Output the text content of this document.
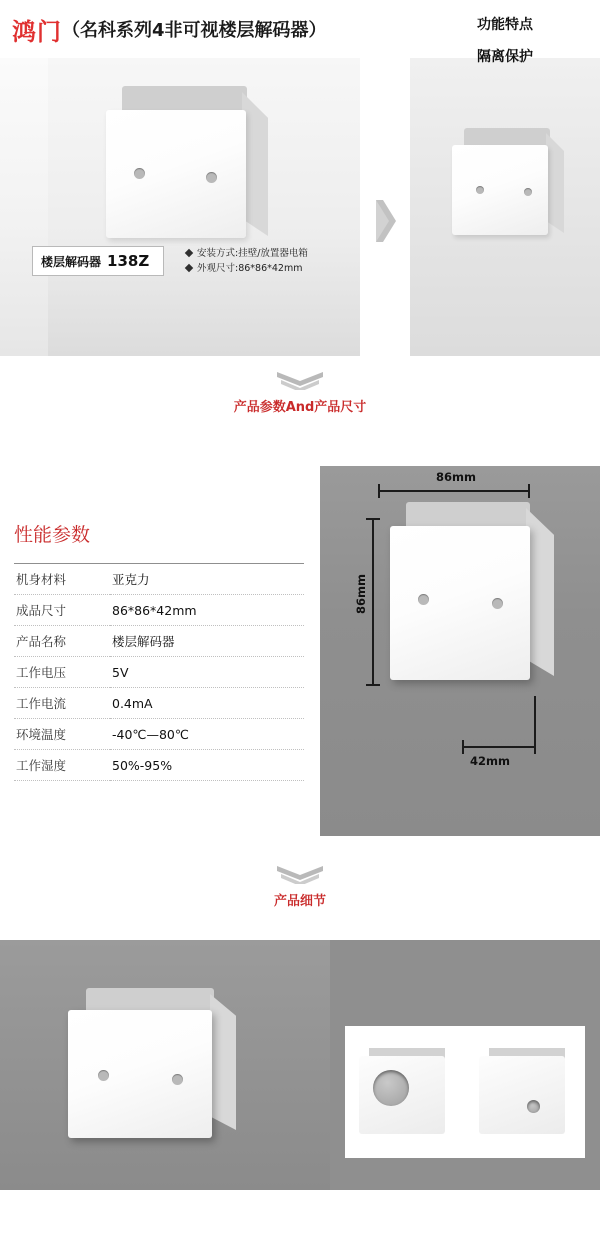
鸿门 （名科系列4非可视楼层解码器）	功能特点
隔离保护
楼层解码器 138Z	安装方式:挂壁/放置器电箱
外观尺寸:86*86*42mm
产品参数And产品尺寸
性能参数
机身材料	亚克力
成品尺寸	86*86*42mm
产品名称	楼层解码器
工作电压	5V
工作电流	0.4mA
环境温度	-40℃—80℃
工作湿度	50%-95%
86mm
86mm
42mm
产品细节
